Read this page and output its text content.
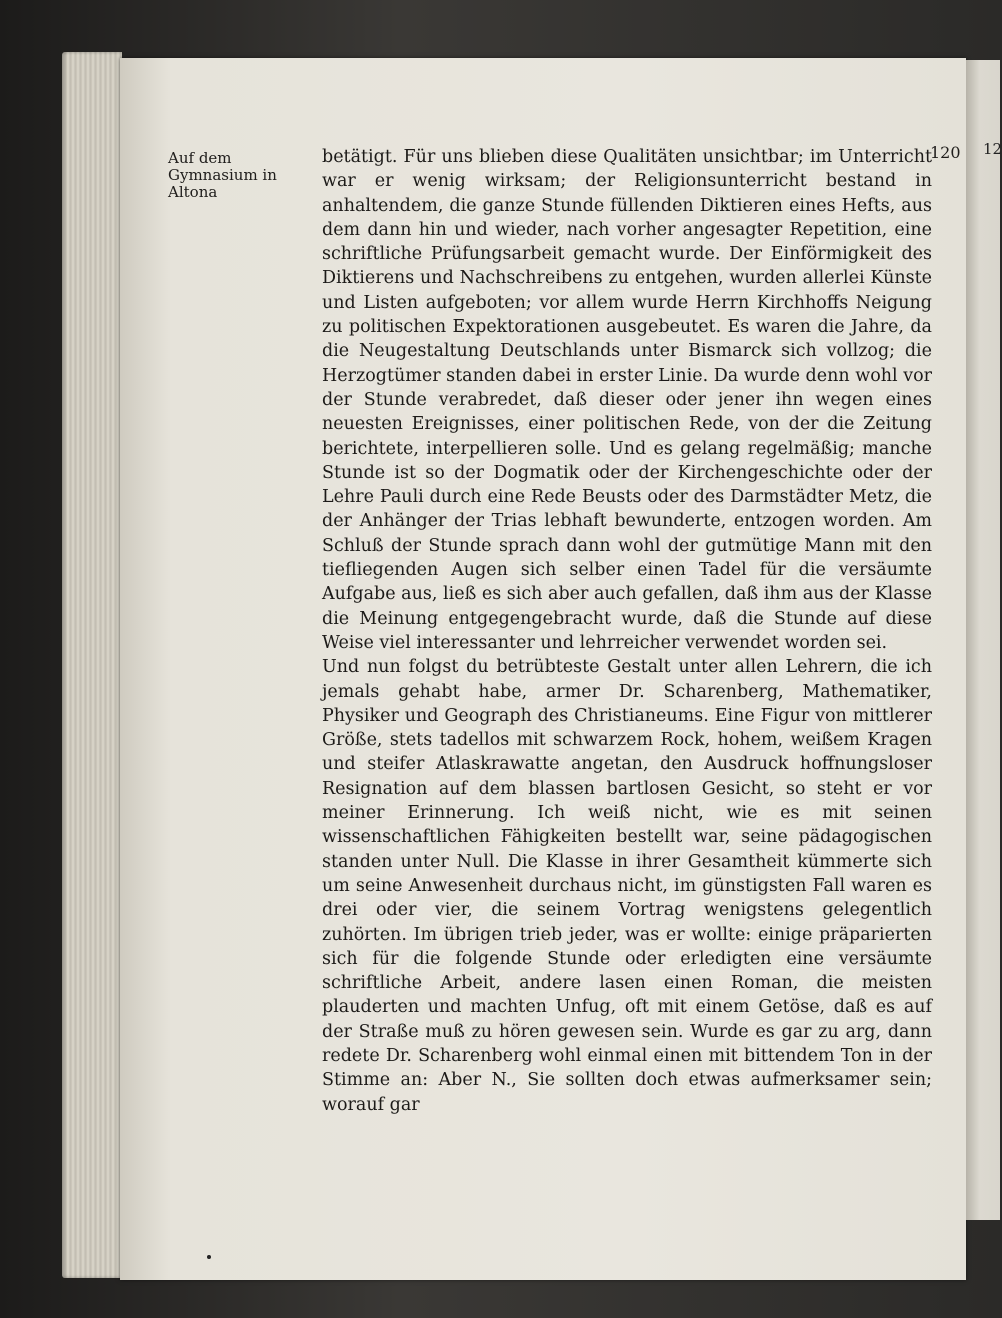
12
Auf dem Gymnasium in Altona
120

betätigt. Für uns blieben diese Qualitäten unsichtbar; im Unterricht war er wenig wirksam; der Religionsunterricht bestand in anhaltendem, die ganze Stunde füllenden Diktieren eines Hefts, aus dem dann hin und wieder, nach vorher angesagter Repetition, eine schriftliche Prüfungsarbeit gemacht wurde. Der Einförmigkeit des Diktierens und Nachschreibens zu entgehen, wurden allerlei Künste und Listen aufgeboten; vor allem wurde Herrn Kirchhoffs Neigung zu politischen Expektorationen ausgebeutet. Es waren die Jahre, da die Neugestaltung Deutschlands unter Bismarck sich vollzog; die Herzogtümer standen dabei in erster Linie. Da wurde denn wohl vor der Stunde verabredet, daß dieser oder jener ihn wegen eines neuesten Ereignisses, einer politischen Rede, von der die Zeitung berichtete, interpellieren solle. Und es gelang regelmäßig; manche Stunde ist so der Dogmatik oder der Kirchengeschichte oder der Lehre Pauli durch eine Rede Beusts oder des Darmstädter Metz, die der Anhänger der Trias lebhaft bewunderte, entzogen worden. Am Schluß der Stunde sprach dann wohl der gutmütige Mann mit den tiefliegenden Augen sich selber einen Tadel für die versäumte Aufgabe aus, ließ es sich aber auch gefallen, daß ihm aus der Klasse die Meinung entgegengebracht wurde, daß die Stunde auf diese Weise viel interessanter und lehrreicher verwendet worden sei.

Und nun folgst du betrübteste Gestalt unter allen Lehrern, die ich jemals gehabt habe, armer Dr. Scharenberg, Mathematiker, Physiker und Geograph des Christianeums. Eine Figur von mittlerer Größe, stets tadellos mit schwarzem Rock, hohem, weißem Kragen und steifer Atlaskrawatte angetan, den Ausdruck hoffnungsloser Resignation auf dem blassen bartlosen Gesicht, so steht er vor meiner Erinnerung. Ich weiß nicht, wie es mit seinen wissenschaftlichen Fähigkeiten bestellt war, seine pädagogischen standen unter Null. Die Klasse in ihrer Gesamtheit kümmerte sich um seine Anwesenheit durchaus nicht, im günstigsten Fall waren es drei oder vier, die seinem Vortrag wenigstens gelegentlich zuhörten. Im übrigen trieb jeder, was er wollte: einige präparierten sich für die folgende Stunde oder erledigten eine versäumte schriftliche Arbeit, andere lasen einen Roman, die meisten plauderten und machten Unfug, oft mit einem Getöse, daß es auf der Straße muß zu hören gewesen sein. Wurde es gar zu arg, dann redete Dr. Scharenberg wohl einmal einen mit bittendem Ton in der Stimme an: Aber N., Sie sollten doch etwas aufmerksamer sein; worauf gar
